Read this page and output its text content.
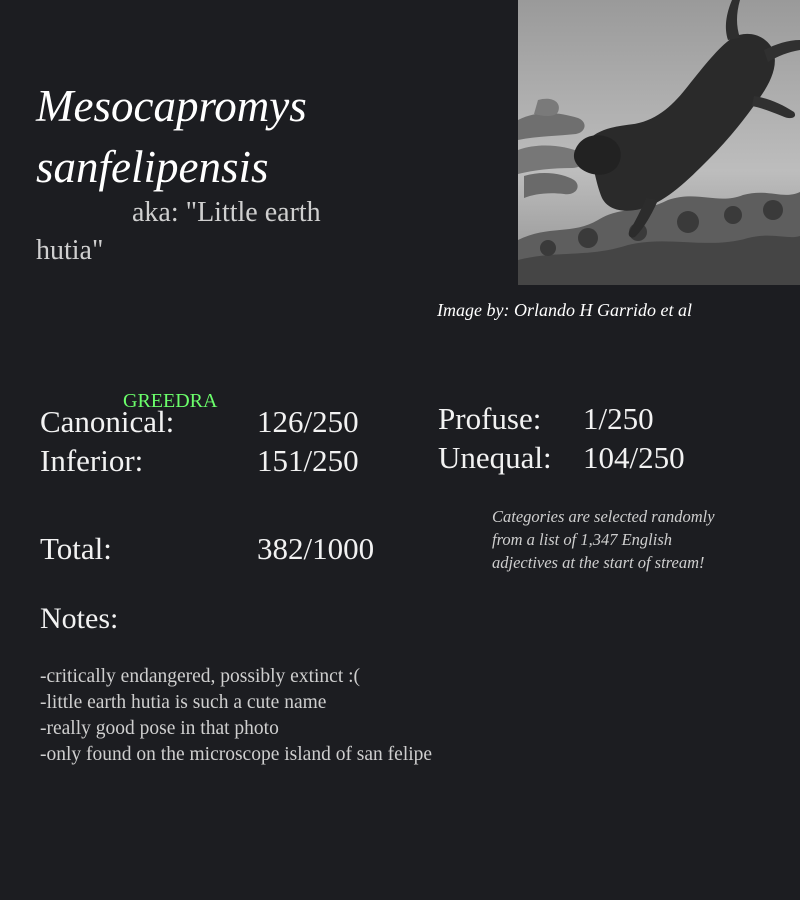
Mesocapromys sanfelipensis
aka: "Little earth hutia"
Image by: Orlando H Garrido et al
GREEDRA
Canonical:	126/250
Inferior:	151/250
Profuse: 1/250
Unequal: 104/250
Total:	382/1000
Categories are selected randomly from a list of 1,347 English adjectives at the start of stream!
Notes:
-critically endangered, possibly extinct :(
-little earth hutia is such a cute name
-really good pose in that photo
-only found on the microscope island of san felipe
